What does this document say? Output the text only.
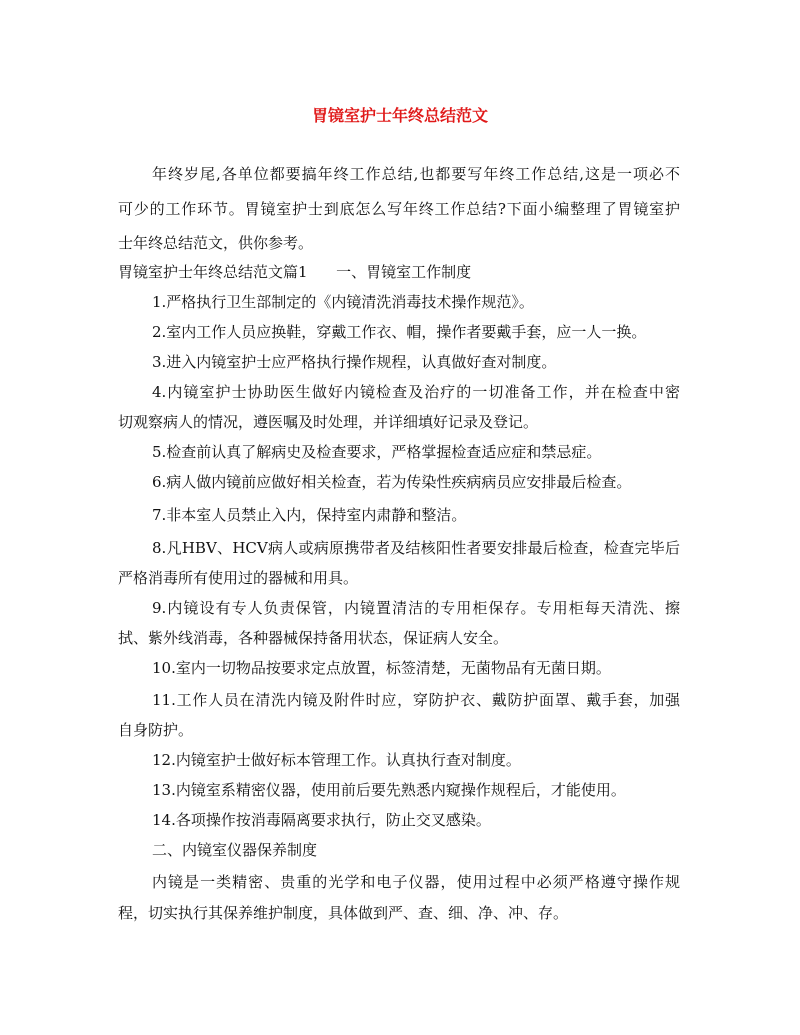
胃镜室护士年终总结范文
年终岁尾,各单位都要搞年终工作总结,也都要写年终工作总结,这是一项必不
可少的工作环节。胃镜室护士到底怎么写年终工作总结?下面小编整理了胃镜室护
士年终总结范文，供你参考。
胃镜室护士年终总结范文篇1      一、胃镜室工作制度
1.严格执行卫生部制定的《内镜清洗消毒技术操作规范》。
2.室内工作人员应换鞋，穿戴工作衣、帽，操作者要戴手套，应一人一换。
3.进入内镜室护士应严格执行操作规程，认真做好查对制度。
4.内镜室护士协助医生做好内镜检查及治疗的一切准备工作，并在检查中密
切观察病人的情况，遵医嘱及时处理，并详细填好记录及登记。
5.检查前认真了解病史及检查要求，严格掌握检查适应症和禁忌症。
6.病人做内镜前应做好相关检查，若为传染性疾病病员应安排最后检查。
7.非本室人员禁止入内，保持室内肃静和整洁。
8.凡HBV、HCV病人或病原携带者及结核阳性者要安排最后检查，检查完毕后
严格消毒所有使用过的器械和用具。
9.内镜设有专人负责保管，内镜置清洁的专用柜保存。专用柜每天清洗、擦
拭、紫外线消毒，各种器械保持备用状态，保证病人安全。
10.室内一切物品按要求定点放置，标签清楚，无菌物品有无菌日期。
11.工作人员在清洗内镜及附件时应，穿防护衣、戴防护面罩、戴手套，加强
自身防护。
12.内镜室护士做好标本管理工作。认真执行查对制度。
13.内镜室系精密仪器，使用前后要先熟悉内窥操作规程后，才能使用。
14.各项操作按消毒隔离要求执行，防止交叉感染。
二、内镜室仪器保养制度
内镜是一类精密、贵重的光学和电子仪器，使用过程中必须严格遵守操作规
程，切实执行其保养维护制度，具体做到严、查、细、净、冲、存。
